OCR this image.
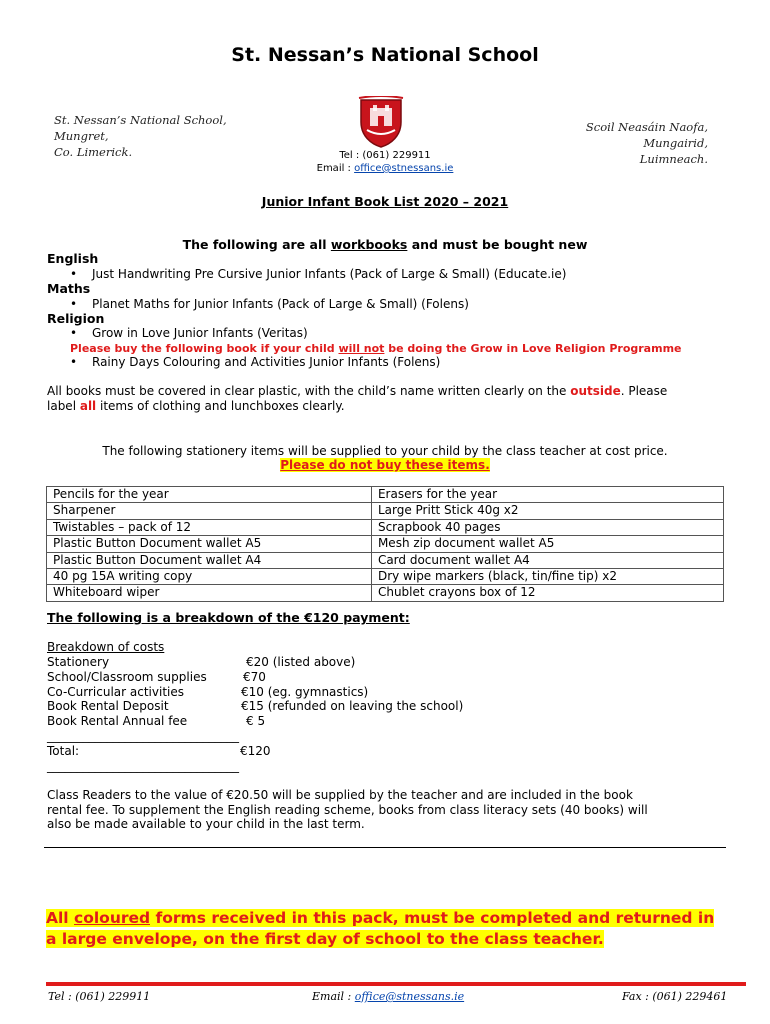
St. Nessan’s National School
St. Nessan’s National School,
Mungret,
Co. Limerick.	Tel : (061) 229911
Email : office@stnessans.ie
Scoil Neasáin Naofa,
Mungairid,
Luimneach.
Junior Infant Book List 2020 – 2021
The following are all workbooks and must be bought new
English
• Just Handwriting Pre Cursive Junior Infants (Pack of Large & Small) (Educate.ie)
Maths
• Planet Maths for Junior Infants (Pack of Large & Small) (Folens)
Religion
• Grow in Love Junior Infants (Veritas)
Please buy the following book if your child will not be doing the Grow in Love Religion Programme
• Rainy Days Colouring and Activities Junior Infants (Folens)
All books must be covered in clear plastic, with the child’s name written clearly on the outside. Please
label all items of clothing and lunchboxes clearly.
The following stationery items will be supplied to your child by the class teacher at cost price.
Please do not buy these items.
Pencils for the year	Erasers for the year
Sharpener	Large Pritt Stick 40g x2
Twistables – pack of 12	Scrapbook 40 pages
Plastic Button Document wallet A5	Mesh zip document wallet A5
Plastic Button Document wallet A4	Card document wallet A4
40 pg 15A writing copy	Dry wipe markers (black, tin/fine tip) x2
Whiteboard wiper	Chublet crayons box of 12
The following is a breakdown of the €120 payment:
Breakdown of costs
Stationery	€20 (listed above)
School/Classroom supplies	€70
Co-Curricular activities	€10 (eg. gymnastics)
Book Rental Deposit	€15 (refunded on leaving the school)
Book Rental Annual fee	€ 5
________________________________
Total:	€120
________________________________
Class Readers to the value of €20.50 will be supplied by the teacher and are included in the book
rental fee. To supplement the English reading scheme, books from class literacy sets (40 books) will
also be made available to your child in the last term.
All coloured forms received in this pack, must be completed and returned in
a large envelope, on the first day of school to the class teacher.
Tel : (061) 229911	Email : office@stnessans.ie	Fax : (061) 229461
